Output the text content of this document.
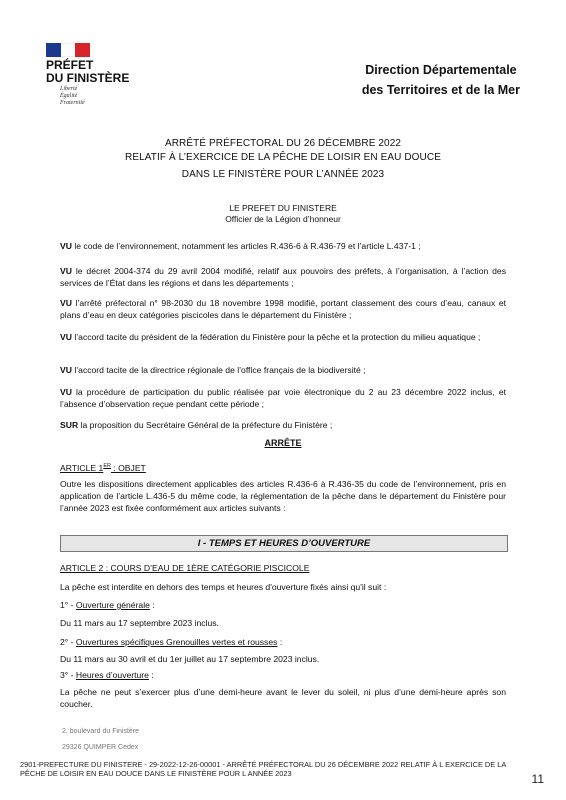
PRÉFET
DU FINISTÈRE
Liberté
Égalité
Fraternité
Direction Départementale
des Territoires et de la Mer
ARRÊTÉ PRÉFECTORAL DU 26 DÉCEMBRE 2022
RELATIF À L’EXERCICE DE LA PÊCHE DE LOISIR EN EAU DOUCE
DANS LE FINISTÈRE POUR L’ANNÉE 2023
LE PREFET DU FINISTERE
Officier de la Légion d’honneur
VU le code de l’environnement, notamment les articles R.436-6 à R.436-79 et l’article L.437-1 ;
VU le décret 2004-374 du 29 avril 2004 modifié, relatif aux pouvoirs des préfets, à l’organisation, à l’action des services de l’État dans les régions et dans les départements ;
VU l’arrêté préfectoral n° 98-2030 du 18 novembre 1998 modifié, portant classement des cours d’eau, canaux et plans d’eau en deux catégories piscicoles dans le département du Finistère ;
VU l’accord tacite du président de la fédération du Finistère pour la pêche et la protection du milieu aquatique ;
VU l’accord tacite de la directrice régionale de l’office français de la biodiversité ;
VU la procédure de participation du public réalisée par voie électronique du 2 au 23 décembre 2022 inclus, et l’absence d’observation reçue pendant cette période ;
SUR la proposition du Secrétaire Général de la préfecture du Finistère ;
ARRÊTE
ARTICLE 1ER : OBJET
Outre les dispositions directement applicables des articles R.436-6 à R.436-35 du code de l’environnement, pris en application de l’article L.436-5 du même code, la réglementation de la pêche dans le département du Finistère pour l’année 2023 est fixée conformément aux articles suivants :
I - TEMPS ET HEURES D’OUVERTURE
ARTICLE 2 : COURS D’EAU DE 1ÈRE CATÉGORIE PISCICOLE
La pêche est interdite en dehors des temps et heures d'ouverture fixés ainsi qu'il suit :
1° - Ouverture générale :
Du 11 mars au 17 septembre 2023 inclus.
2° - Ouvertures spécifiques Grenouilles vertes et rousses :
Du 11 mars au 30 avril et du 1er juillet au 17 septembre 2023 inclus.
3° - Heures d’ouverture :
La pêche ne peut s’exercer plus d’une demi-heure avant le lever du soleil, ni plus d’une demi-heure après son coucher.
2, boulevard du Finistère
29326 QUIMPER Cedex
2901-PREFECTURE DU FINISTERE - 29-2022-12-26-00001 - ARRÊTÉ PRÉFECTORAL DU 26 DÉCEMBRE 2022 RELATIF À L EXERCICE DE LA PÊCHE DE LOISIR EN EAU DOUCE DANS LE FINISTÈRE POUR L ANNÉE 2023	11
